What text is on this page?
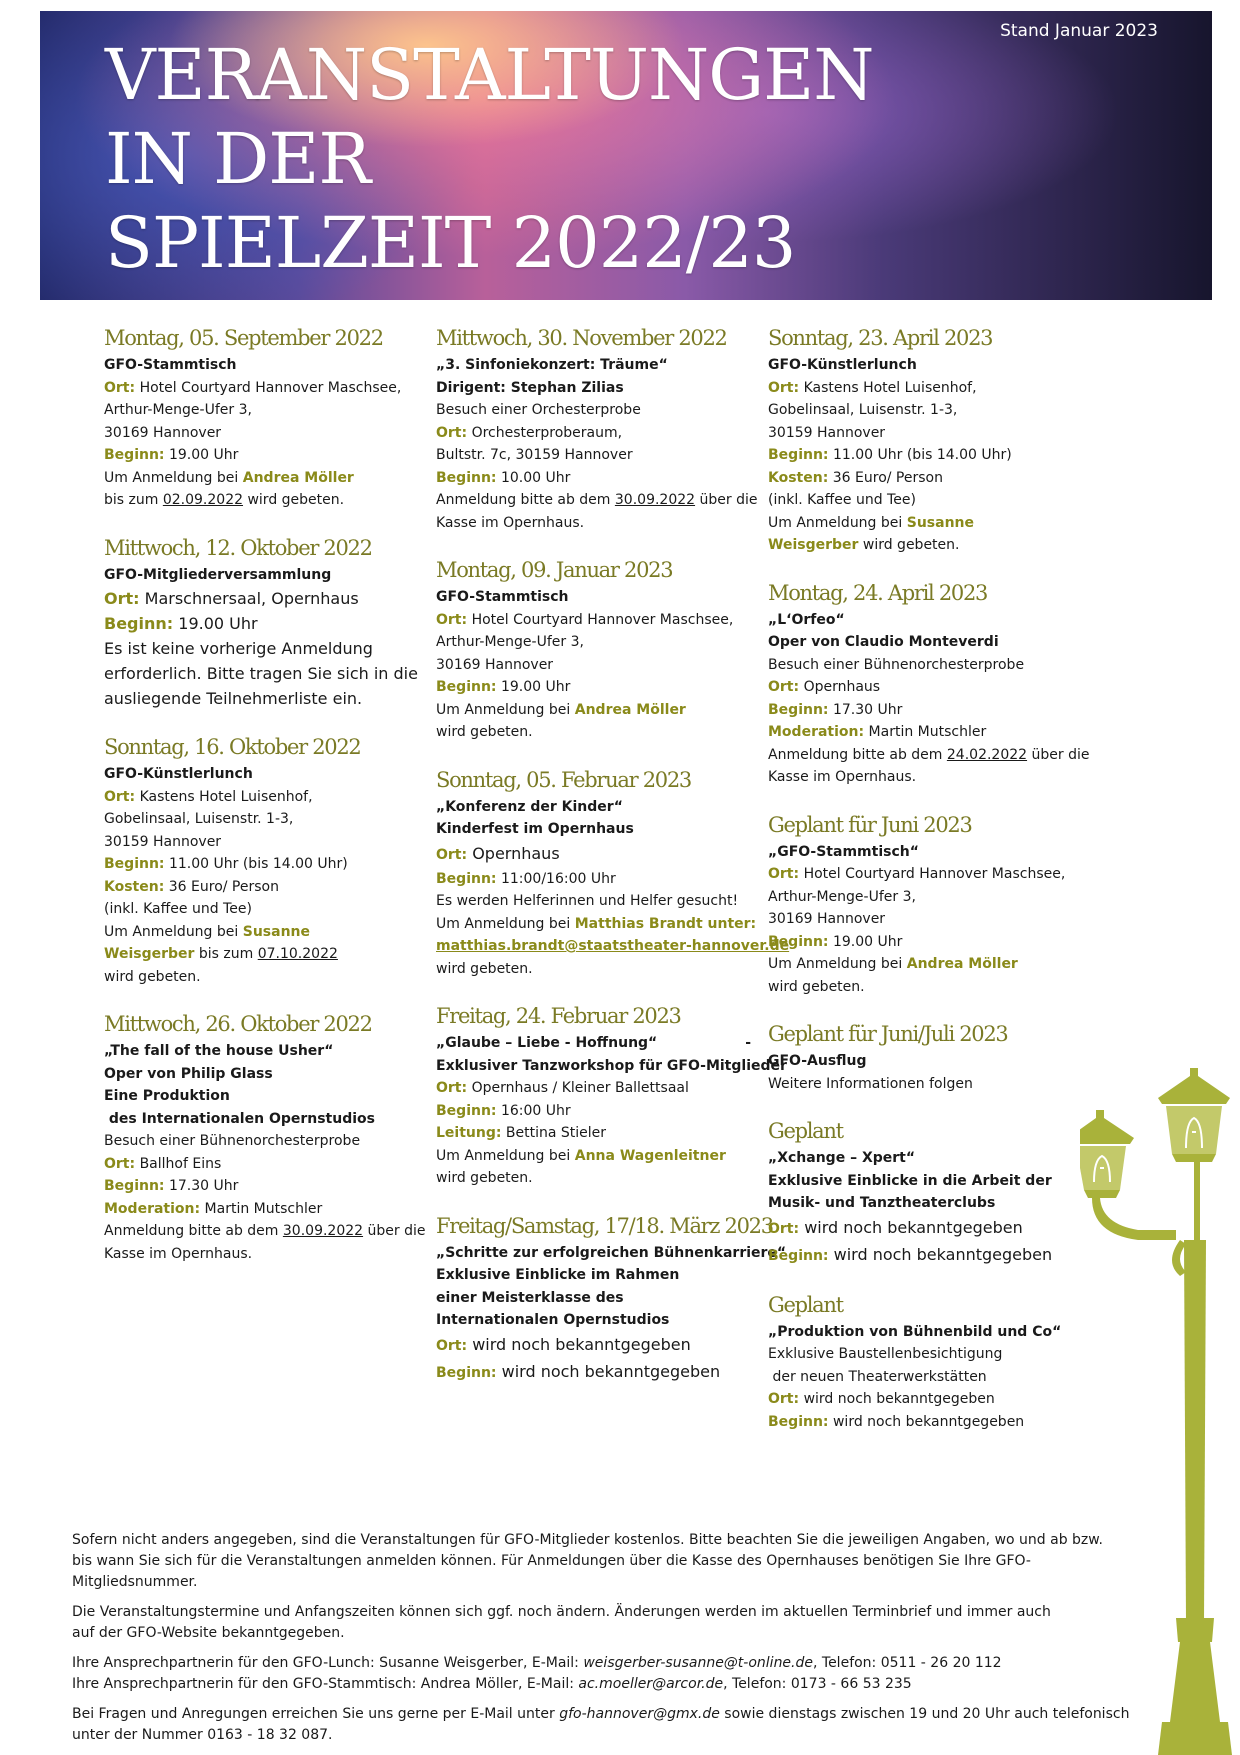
VERANSTALTUNGEN
IN DER
SPIELZEIT 2022/23
Stand Januar 2023
Montag, 05. September 2022
GFO-Stammtisch
Ort: Hotel Courtyard Hannover Maschsee,
Arthur-Menge-Ufer 3,
30169 Hannover
Beginn: 19.00 Uhr
Um Anmeldung bei Andrea Möller
bis zum 02.09.2022 wird gebeten.
Mittwoch, 12. Oktober 2022
GFO-Mitgliederversammlung
Ort: Marschnersaal, Opernhaus
Beginn: 19.00 Uhr
Es ist keine vorherige Anmeldung
erforderlich. Bitte tragen Sie sich in die
ausliegende Teilnehmerliste ein.
Sonntag, 16. Oktober 2022
GFO-Künstlerlunch
Ort: Kastens Hotel Luisenhof,
Gobelinsaal, Luisenstr. 1-3,
30159 Hannover
Beginn: 11.00 Uhr (bis 14.00 Uhr)
Kosten: 36 Euro/ Person
(inkl. Kaffee und Tee)
Um Anmeldung bei Susanne
Weisgerber bis zum 07.10.2022
wird gebeten.
Mittwoch, 26. Oktober 2022
„The fall of the house Usher“
Oper von Philip Glass
Eine Produktion
des Internationalen Opernstudios
Besuch einer Bühnenorchesterprobe
Ort: Ballhof Eins
Beginn: 17.30 Uhr
Moderation: Martin Mutschler
Anmeldung bitte ab dem 30.09.2022 über die
Kasse im Opernhaus.
Mittwoch, 30. November 2022
„3. Sinfoniekonzert: Träume“
Dirigent: Stephan Zilias
Besuch einer Orchesterprobe
Ort: Orchesterproberaum,
Bultstr. 7c, 30159 Hannover
Beginn: 10.00 Uhr
Anmeldung bitte ab dem 30.09.2022 über die
Kasse im Opernhaus.
Montag, 09. Januar 2023
GFO-Stammtisch
Ort: Hotel Courtyard Hannover Maschsee,
Arthur-Menge-Ufer 3,
30169 Hannover
Beginn: 19.00 Uhr
Um Anmeldung bei Andrea Möller
wird gebeten.
Sonntag, 05. Februar 2023
„Konferenz der Kinder“
Kinderfest im Opernhaus
Ort: Opernhaus
Beginn: 11:00/16:00 Uhr
Es werden Helferinnen und Helfer gesucht!
Um Anmeldung bei Matthias Brandt unter:
matthias.brandt@staatstheater-hannover.de
wird gebeten.
Freitag, 24. Februar 2023
„Glaube – Liebe - Hoffnung“	-
Exklusiver Tanzworkshop für GFO-Mitglieder
Ort: Opernhaus / Kleiner Ballettsaal
Beginn: 16:00 Uhr
Leitung: Bettina Stieler
Um Anmeldung bei Anna Wagenleitner
wird gebeten.
Freitag/Samstag, 17/18. März 2023
„Schritte zur erfolgreichen Bühnenkarriere“
Exklusive Einblicke im Rahmen
einer Meisterklasse des
Internationalen Opernstudios
Ort: wird noch bekanntgegeben
Beginn: wird noch bekanntgegeben
Sonntag, 23. April 2023
GFO-Künstlerlunch
Ort: Kastens Hotel Luisenhof,
Gobelinsaal, Luisenstr. 1-3,
30159 Hannover
Beginn: 11.00 Uhr (bis 14.00 Uhr)
Kosten: 36 Euro/ Person
(inkl. Kaffee und Tee)
Um Anmeldung bei Susanne
Weisgerber wird gebeten.
Montag, 24. April 2023
„L‘Orfeo“
Oper von Claudio Monteverdi
Besuch einer Bühnenorchesterprobe
Ort: Opernhaus
Beginn: 17.30 Uhr
Moderation: Martin Mutschler
Anmeldung bitte ab dem 24.02.2022 über die
Kasse im Opernhaus.
Geplant für Juni 2023
„GFO-Stammtisch“
Ort: Hotel Courtyard Hannover Maschsee,
Arthur-Menge-Ufer 3,
30169 Hannover
Beginn: 19.00 Uhr
Um Anmeldung bei Andrea Möller
wird gebeten.
Geplant für Juni/Juli 2023
GFO-Ausflug
Weitere Informationen folgen
Geplant
„Xchange – Xpert“
Exklusive Einblicke in die Arbeit der
Musik- und Tanztheaterclubs
Ort: wird noch bekanntgegeben
Beginn: wird noch bekanntgegeben
Geplant
„Produktion von Bühnenbild und Co“
Exklusive Baustellenbesichtigung
der neuen Theaterwerkstätten
Ort: wird noch bekanntgegeben
Beginn: wird noch bekanntgegeben

Sofern nicht anders angegeben, sind die Veranstaltungen für GFO-Mitglieder kostenlos. Bitte beachten Sie die jeweiligen Angaben, wo und ab bzw.
bis wann Sie sich für die Veranstaltungen anmelden können. Für Anmeldungen über die Kasse des Opernhauses benötigen Sie Ihre GFO-Mitgliedsnummer.

Die Veranstaltungstermine und Anfangszeiten können sich ggf. noch ändern. Änderungen werden im aktuellen Terminbrief und immer auch
auf der GFO-Website bekanntgegeben.

Ihre Ansprechpartnerin für den GFO-Lunch: Susanne Weisgerber, E-Mail: weisgerber-susanne@t-online.de, Telefon: 0511 - 26 20 112
Ihre Ansprechpartnerin für den GFO-Stammtisch: Andrea Möller, E-Mail: ac.moeller@arcor.de, Telefon: 0173 - 66 53 235

Bei Fragen und Anregungen erreichen Sie uns gerne per E-Mail unter gfo-hannover@gmx.de sowie dienstags zwischen 19 und 20 Uhr auch telefonisch
unter der Nummer 0163 - 18 32 087.
